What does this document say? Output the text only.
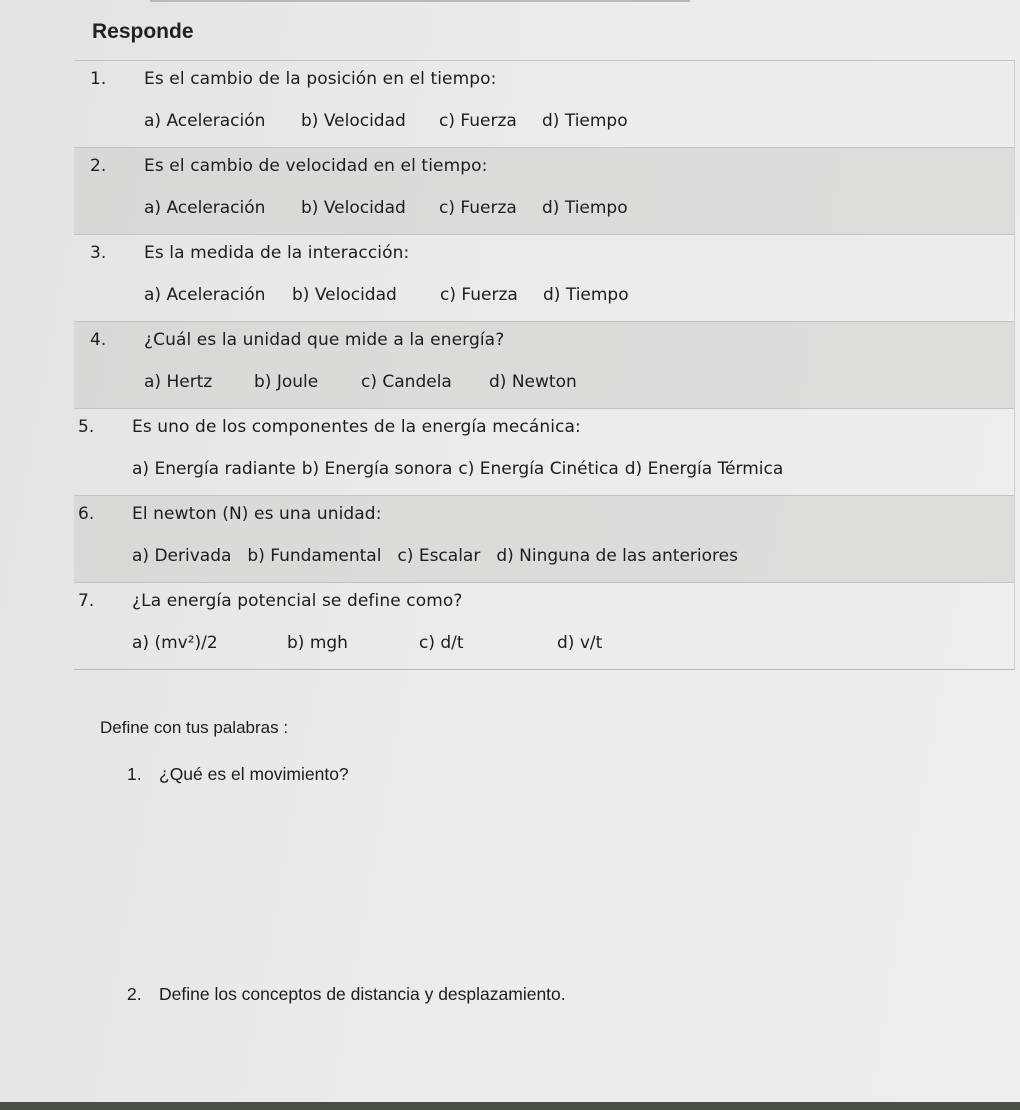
Responde
1. Es el cambio de la posición en el tiempo:
a) Aceleración b) Velocidad c) Fuerza d) Tiempo
2. Es el cambio de velocidad en el tiempo:
a) Aceleración b) Velocidad c) Fuerza d) Tiempo
3. Es la medida de la interacción:
a) Aceleración b) Velocidad	c) Fuerza d) Tiempo
4. ¿Cuál es la unidad que mide a la energía?
a) Hertz b) Joule	c) Candela d) Newton
5. Es uno de los componentes de la energía mecánica:
a) Energía radiante b) Energía sonora c) Energía Cinética d) Energía Térmica
6. El newton (N) es una unidad:
a) Derivada b) Fundamental c) Escalar d) Ninguna de las anteriores
7. ¿La energía potencial se define como?
a) (mv²)/2	b) mgh	c) d/t	d) v/t
Define con tus palabras :
1. ¿Qué es el movimiento?
2. Define los conceptos de distancia y desplazamiento.
